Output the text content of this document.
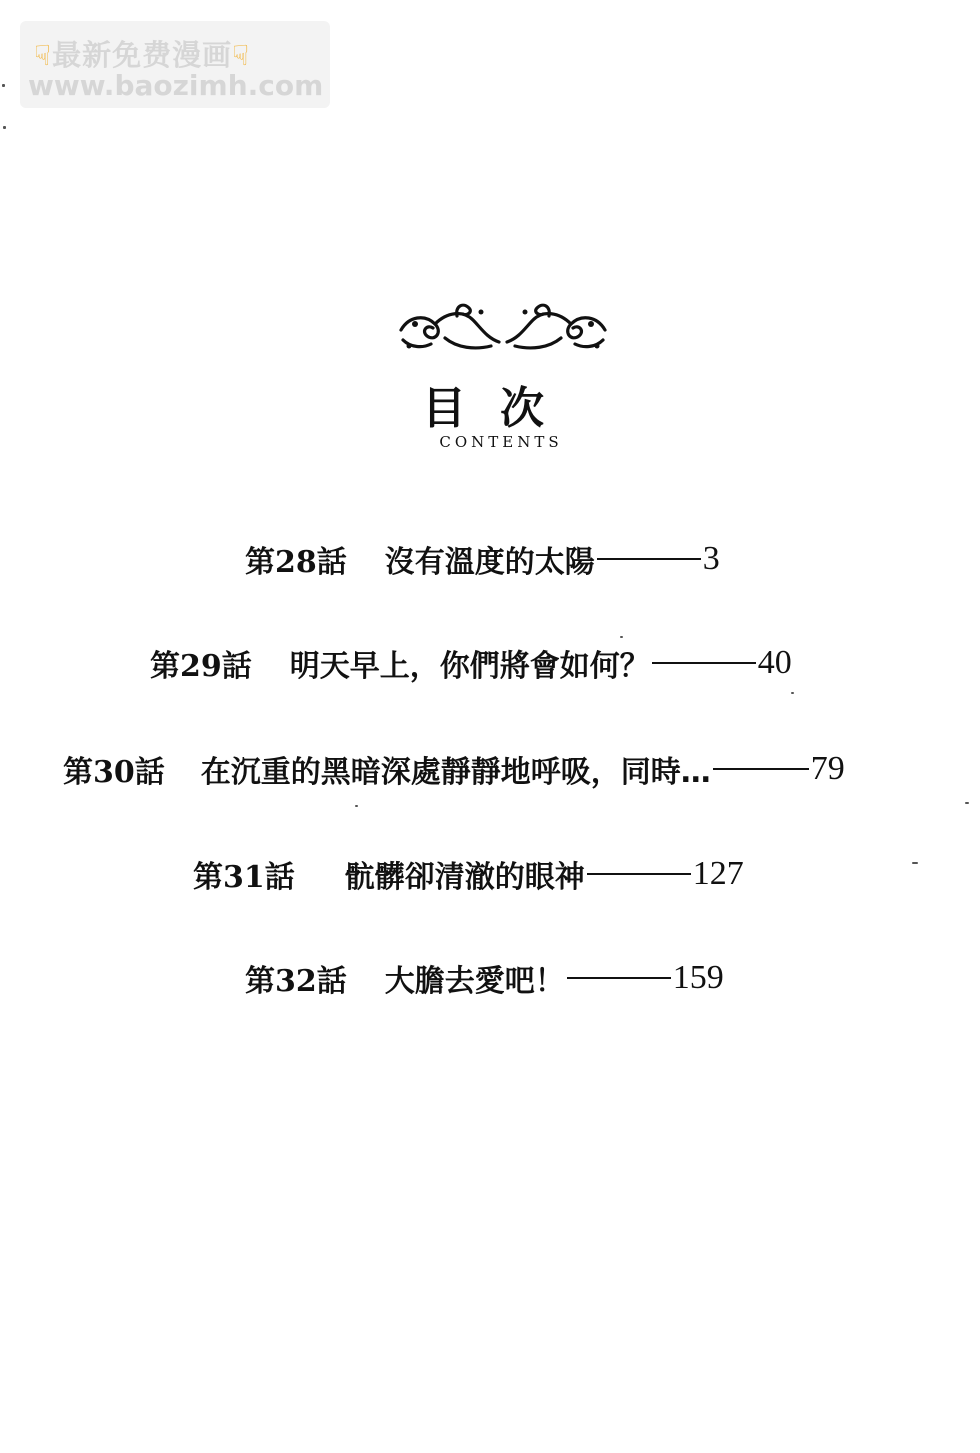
☟最新免费漫画☟
www.baozimh.com
目次
CONTENTS
第28話 沒有溫度的太陽	3
第29話 明天早上，你們將會如何？	40
第30話 在沉重的黑暗深處靜靜地呼吸，同時…	79
第31話 骯髒卻清澈的眼神	127
第32話 大膽去愛吧！	159
